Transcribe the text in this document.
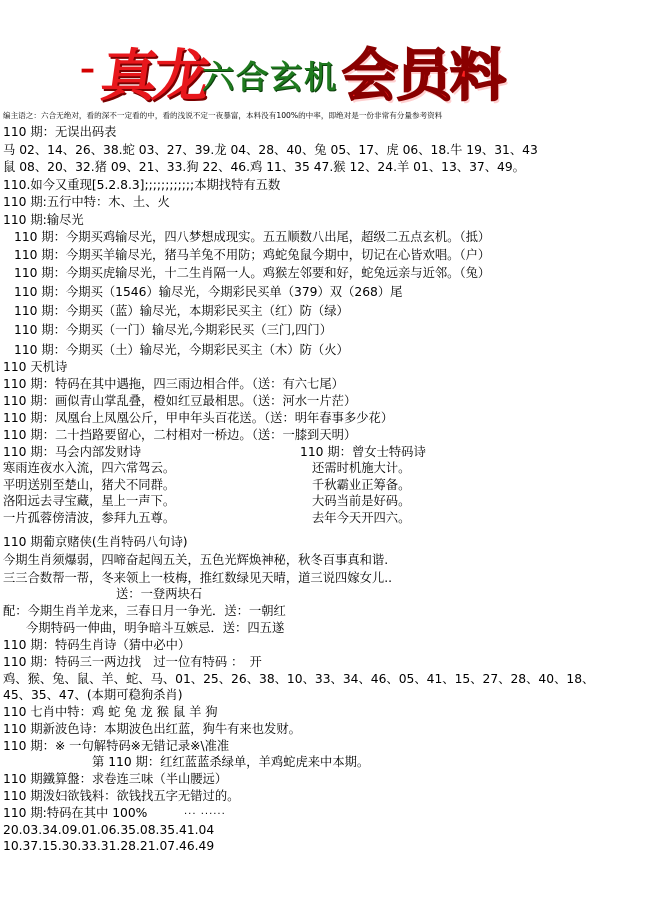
– 真龙
六合玄机 会员料
编主语之：六合无绝对，看的深不一定看的中，看的浅说不定一夜暴富，本料没有100%的中率，即绝对是一份非常有分量参考资料
110 期：无误出码表
马 02、14、26、38.蛇 03、27、39.龙 04、28、40、兔 05、17、虎 06、18.牛 19、31、43
鼠 08、20、32.猪 09、21、33.狗 22、46.鸡 11、35 47.猴 12、24.羊 01、13、37、49。
110.如今又重现[5.2.8.3];;;;;;;;;;;;本期找特有五数
110 期:五行中特：木、土、火
110 期:输尽光
110 期：今期买鸡输尽光，四八梦想成现实。五五顺数八出尾，超级二五点玄机。（抵）
110 期：今期买羊输尽光，猪马羊兔不用防；鸡蛇兔鼠今期中，切记在心皆欢唱。（户）
110 期：今期买虎输尽光，十二生肖隔一人。鸡猴左邻要和好，蛇兔远亲与近邻。（兔）
110 期：今期买（1546）输尽光，今期彩民买单（379）双（268）尾
110 期：今期买（蓝）输尽光，本期彩民买主（红）防（绿）
110 期：今期买（一门）输尽光,今期彩民买（三门,四门）
110 期：今期买（土）输尽光，今期彩民买主（木）防（火）
110 天机诗
110 期：特码在其中遇拖，四三雨边相合伴。（送：有六七尾）
110 期：画似青山掌乱叠，橙如红豆最相思。（送：河水一片茫）
110 期：凤凰台上凤凰公斤，甲申年头百花送。（送：明年春事多少花）
110 期：二十挡路要留心，二村相对一桥边。（送：一膝到天明）
110 期：马会内部发财诗
寒雨连夜水入流，四六常驾云。
平明送别至楚山，猪犬不同群。
洛阳远去寻宝藏，星上一声下。
一片孤蓉傍清波，参拜九五尊。
110 期：曾女士特码诗
还需时机施大计。
千秋霸业正筹备。
大码当前是好码。
去年今天开四六。
110 期葡京赌侠(生肖特码八句诗)
今期生肖须爆弱，四啼奋起闯五关，五色光辉焕神秘，秋冬百事真和谐.
三三合数帮一帮，冬来领上一枝梅，推红数绿见天晴，道三说四嫁女儿..
送：一登两块石
配：今期生肖羊龙来，三春日月一争光．送：一朝红
今期特码一伸曲，明争暗斗互嫉忌．送：四五遂
110 期：特码生肖诗（猜中必中）
110 期：特码三一两边找　过一位有特码 ：　开
鸡、猴、兔、鼠、羊、蛇、马、01、25、26、38、10、33、34、46、05、41、15、27、28、40、18、
45、35、47、(本期可稳狗杀肖)
110 七肖中特：鸡 蛇 兔 龙 猴 鼠 羊 狗
110 期新波色诗：本期波色出红蓝，狗牛有来也发财。
110 期：※ 一句解特码※无错记录※\准准
第 110 期：红红蓝蓝杀绿单，羊鸡蛇虎来中本期。
110 期鐵算盤：求卷连三味（半山腰远）
110 期泼妇欲钱料：欲钱找五字无错过的。
110 期:特码在其中 100%	... ......
20.03.34.09.01.06.35.08.35.41.04
10.37.15.30.33.31.28.21.07.46.49
